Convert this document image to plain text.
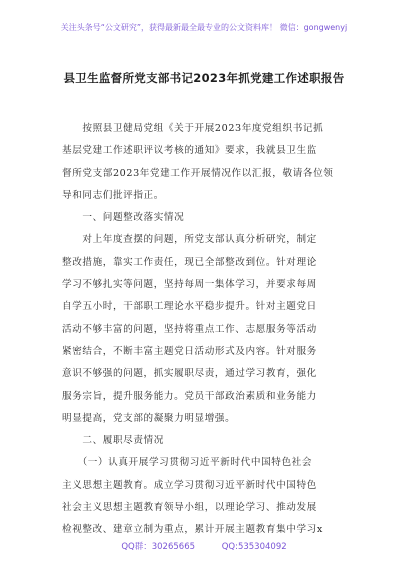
关注头条号“公文研究”，获得最新最全最专业的公文资料库！ 微信：gongwenyj
县卫生监督所党支部书记2023年抓党建工作述职报告
　　按照县卫健局党组《关于开展2023年度党组织书记抓
基层党建工作述职评议考核的通知》要求，我就县卫生监
督所党支部2023年党建工作开展情况作以汇报，敬请各位领
导和同志们批评指正。
　　一、问题整改落实情况
　　对上年度查摆的问题，所党支部认真分析研究，制定
整改措施，靠实工作责任，现已全部整改到位。针对理论
学习不够扎实等问题，坚持每周一集体学习，并要求每周
自学五小时，干部职工理论水平稳步提升。针对主题党日
活动不够丰富的问题，坚持将重点工作、志愿服务等活动
紧密结合，不断丰富主题党日活动形式及内容。针对服务
意识不够强的问题，抓实履职尽责，通过学习教育，强化
服务宗旨，提升服务能力。党员干部政治素质和业务能力
明显提高，党支部的凝聚力明显增强。
　　二、履职尽责情况
　　（一）认真开展学习贯彻习近平新时代中国特色社会
主义思想主题教育。成立学习贯彻习近平新时代中国特色
社会主义思想主题教育领导小组，以理论学习、推动发展
检视整改、建章立制为重点，累计开展主题教育集中学习x
QQ群：30265665	QQ:535304092
